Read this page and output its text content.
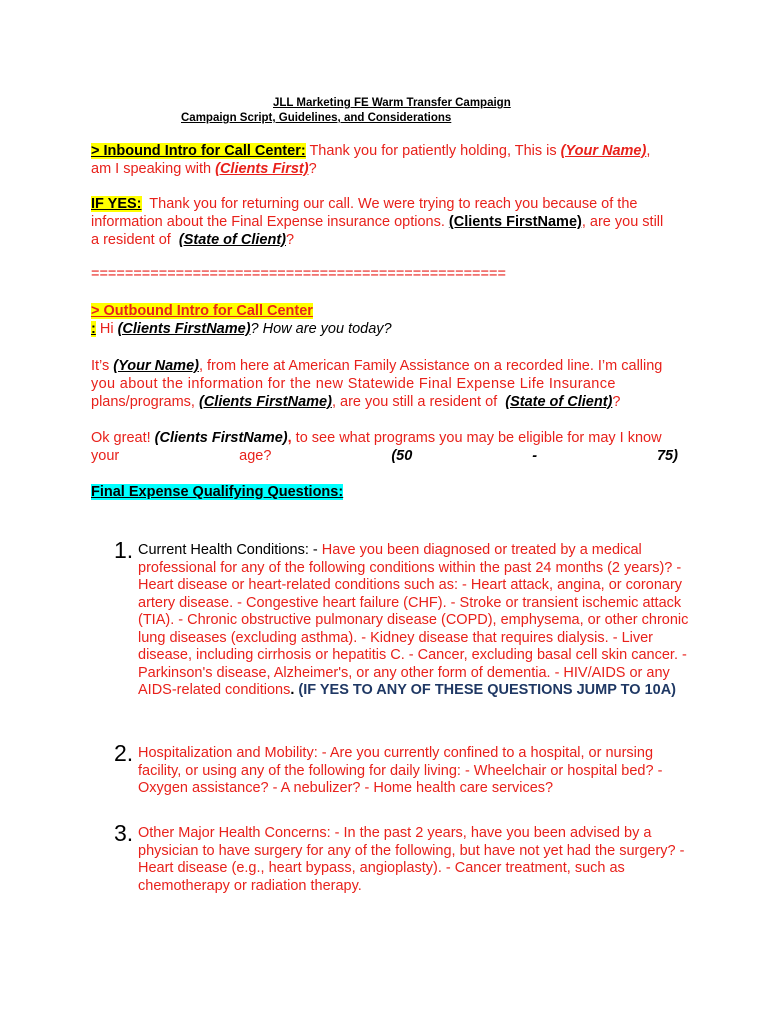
JLL Marketing FE Warm Transfer Campaign
Campaign Script, Guidelines, and Considerations
> Inbound Intro for Call Center: Thank you for patiently holding, This is (Your Name),
am I speaking with (Clients First)?
IF YES:  Thank you for returning our call. We were trying to reach you because of the
information about the Final Expense insurance options. (Clients FirstName), are you still
a resident of  (State of Client)?
=================================================
> Outbound Intro for Call Center
: Hi (Clients FirstName)? How are you today?
It’s (Your Name), from here at American Family Assistance on a recorded line. I’m calling
you about the information for the new Statewide Final Expense Life Insurance
plans/programs, (Clients FirstName), are you still a resident of  (State of Client)?
Ok great! (Clients FirstName), to see what programs you may be eligible for may I know
your	age?	(50	-	75)
Final Expense Qualifying Questions:
1. Current Health Conditions: - Have you been diagnosed or treated by a medical professional for any of the following conditions within the past 24 months (2 years)? - Heart disease or heart-related conditions such as: - Heart attack, angina, or coronary artery disease. - Congestive heart failure (CHF). - Stroke or transient ischemic attack (TIA). - Chronic obstructive pulmonary disease (COPD), emphysema, or other chronic lung diseases (excluding asthma). - Kidney disease that requires dialysis. - Liver disease, including cirrhosis or hepatitis C. - Cancer, excluding basal cell skin cancer. - Parkinson's disease, Alzheimer's, or any other form of dementia. - HIV/AIDS or any AIDS-related conditions. (IF YES TO ANY OF THESE QUESTIONS JUMP TO 10A)
2. Hospitalization and Mobility: - Are you currently confined to a hospital, or nursing facility, or using any of the following for daily living: - Wheelchair or hospital bed? - Oxygen assistance? - A nebulizer? - Home health care services?
3. Other Major Health Concerns: - In the past 2 years, have you been advised by a physician to have surgery for any of the following, but have not yet had the surgery? - Heart disease (e.g., heart bypass, angioplasty). - Cancer treatment, such as chemotherapy or radiation therapy.
